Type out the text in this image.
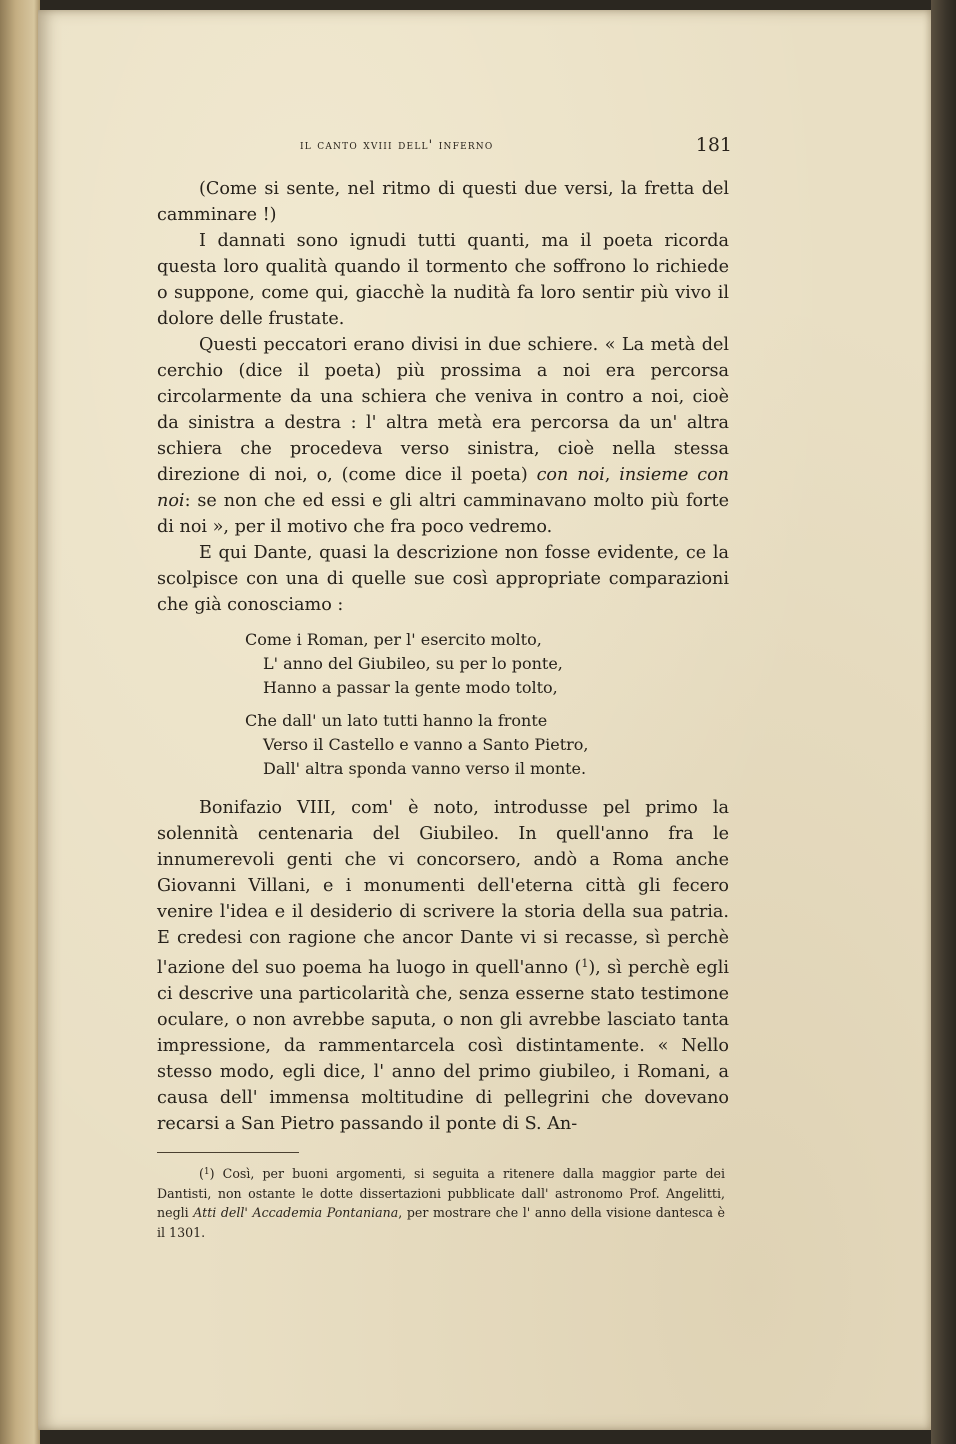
il canto xviii dell' inferno	181

(Come si sente, nel ritmo di questi due versi, la fretta del camminare !)

I dannati sono ignudi tutti quanti, ma il poeta ricorda questa loro qualità quando il tormento che soffrono lo richiede o suppone, come qui, giacchè la nudità fa loro sentir più vivo il dolore delle frustate.

Questi peccatori erano divisi in due schiere. « La metà del cerchio (dice il poeta) più prossima a noi era percorsa circolarmente da una schiera che veniva in contro a noi, cioè da sinistra a destra : l' altra metà era percorsa da un' altra schiera che procedeva verso sinistra, cioè nella stessa direzione di noi, o, (come dice il poeta) con noi, insieme con noi: se non che ed essi e gli altri camminavano molto più forte di noi », per il motivo che fra poco vedremo.

E qui Dante, quasi la descrizione non fosse evidente, ce la scolpisce con una di quelle sue così appropriate comparazioni che già conosciamo :

Come i Roman, per l' esercito molto,
L' anno del Giubileo, su per lo ponte,
Hanno a passar la gente modo tolto,
Che dall' un lato tutti hanno la fronte
Verso il Castello e vanno a Santo Pietro,
Dall' altra sponda vanno verso il monte.

Bonifazio VIII, com' è noto, introdusse pel primo la solennità centenaria del Giubileo. In quell'anno fra le innumerevoli genti che vi concorsero, andò a Roma anche Giovanni Villani, e i monumenti dell'eterna città gli fecero venire l'idea e il desiderio di scrivere la storia della sua patria. E credesi con ragione che ancor Dante vi si recasse, sì perchè l'azione del suo poema ha luogo in quell'anno ($^1$), sì perchè egli ci descrive una particolarità che, senza esserne stato testimone oculare, o non avrebbe saputa, o non gli avrebbe lasciato tanta impressione, da rammentarcela così distintamente. « Nello stesso modo, egli dice, l' anno del primo giubileo, i Romani, a causa dell' immensa moltitudine di pellegrini che dovevano recarsi a San Pietro passando il ponte di S. An-

($^1$) Così, per buoni argomenti, si seguita a ritenere dalla maggior parte dei Dantisti, non ostante le dotte dissertazioni pubblicate dall' astronomo Prof. Angelitti, negli Atti dell' Accademia Pontaniana, per mostrare che l' anno della visione dantesca è il 1301.
